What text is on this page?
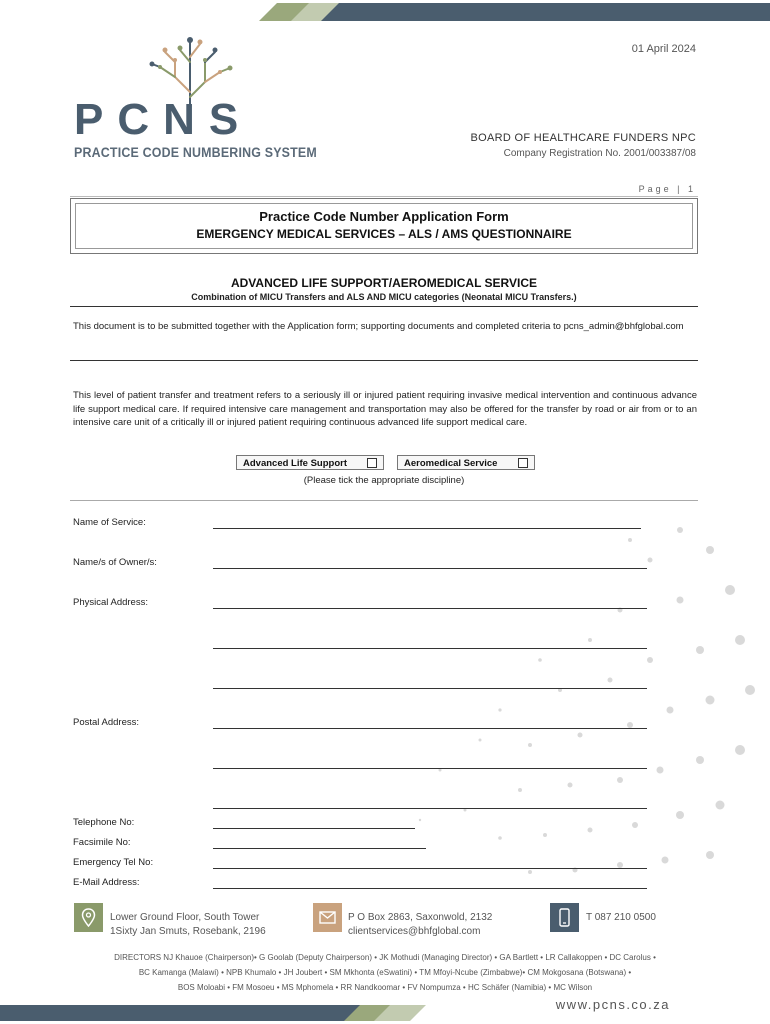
PCNS
PRACTICE CODE NUMBERING SYSTEM
01 April 2024
BOARD OF HEALTHCARE FUNDERS NPC
Company Registration No. 2001/003387/08
Page | 1
Practice Code Number Application Form
EMERGENCY MEDICAL SERVICES – ALS / AMS QUESTIONNAIRE
ADVANCED LIFE SUPPORT/AEROMEDICAL SERVICE
Combination of MICU Transfers and ALS AND MICU categories (Neonatal MICU Transfers.)
This document is to be submitted together with the Application form; supporting documents and completed criteria to pcns_admin@bhfglobal.com
This level of patient transfer and treatment refers to a seriously ill or injured patient requiring invasive medical intervention and continuous advance life support medical care. If required intensive care management and transportation may also be offered for the transfer by road or air from or to an intensive care unit of a critically ill or injured patient requiring continuous advanced life support medical care.
Advanced Life Support	Aeromedical Service
(Please tick the appropriate discipline)
Name of Service:
Name/s of Owner/s:
Physical Address:
Postal Address:
Telephone No:
Facsimile No:
Emergency Tel No:
E-Mail Address:
Lower Ground Floor, South Tower
1Sixty Jan Smuts, Rosebank, 2196
P O Box 2863, Saxonwold, 2132
clientservices@bhfglobal.com
T 087 210 0500
DIRECTORS NJ Khauoe (Chairperson)• G Goolab (Deputy Chairperson) • JK Mothudi (Managing Director) • GA Bartlett • LR Callakoppen • DC Carolus •
BC Kamanga (Malawi) • NPB Khumalo • JH Joubert • SM Mkhonta (eSwatini) • TM Mfoyi-Ncube (Zimbabwe)• CM Mokgosana (Botswana) •
BOS Moloabi • FM Mosoeu • MS Mphomela • RR Nandkoomar • FV Nompumza • HC Schäfer (Namibia) • MC Wilson
www.pcns.co.za
